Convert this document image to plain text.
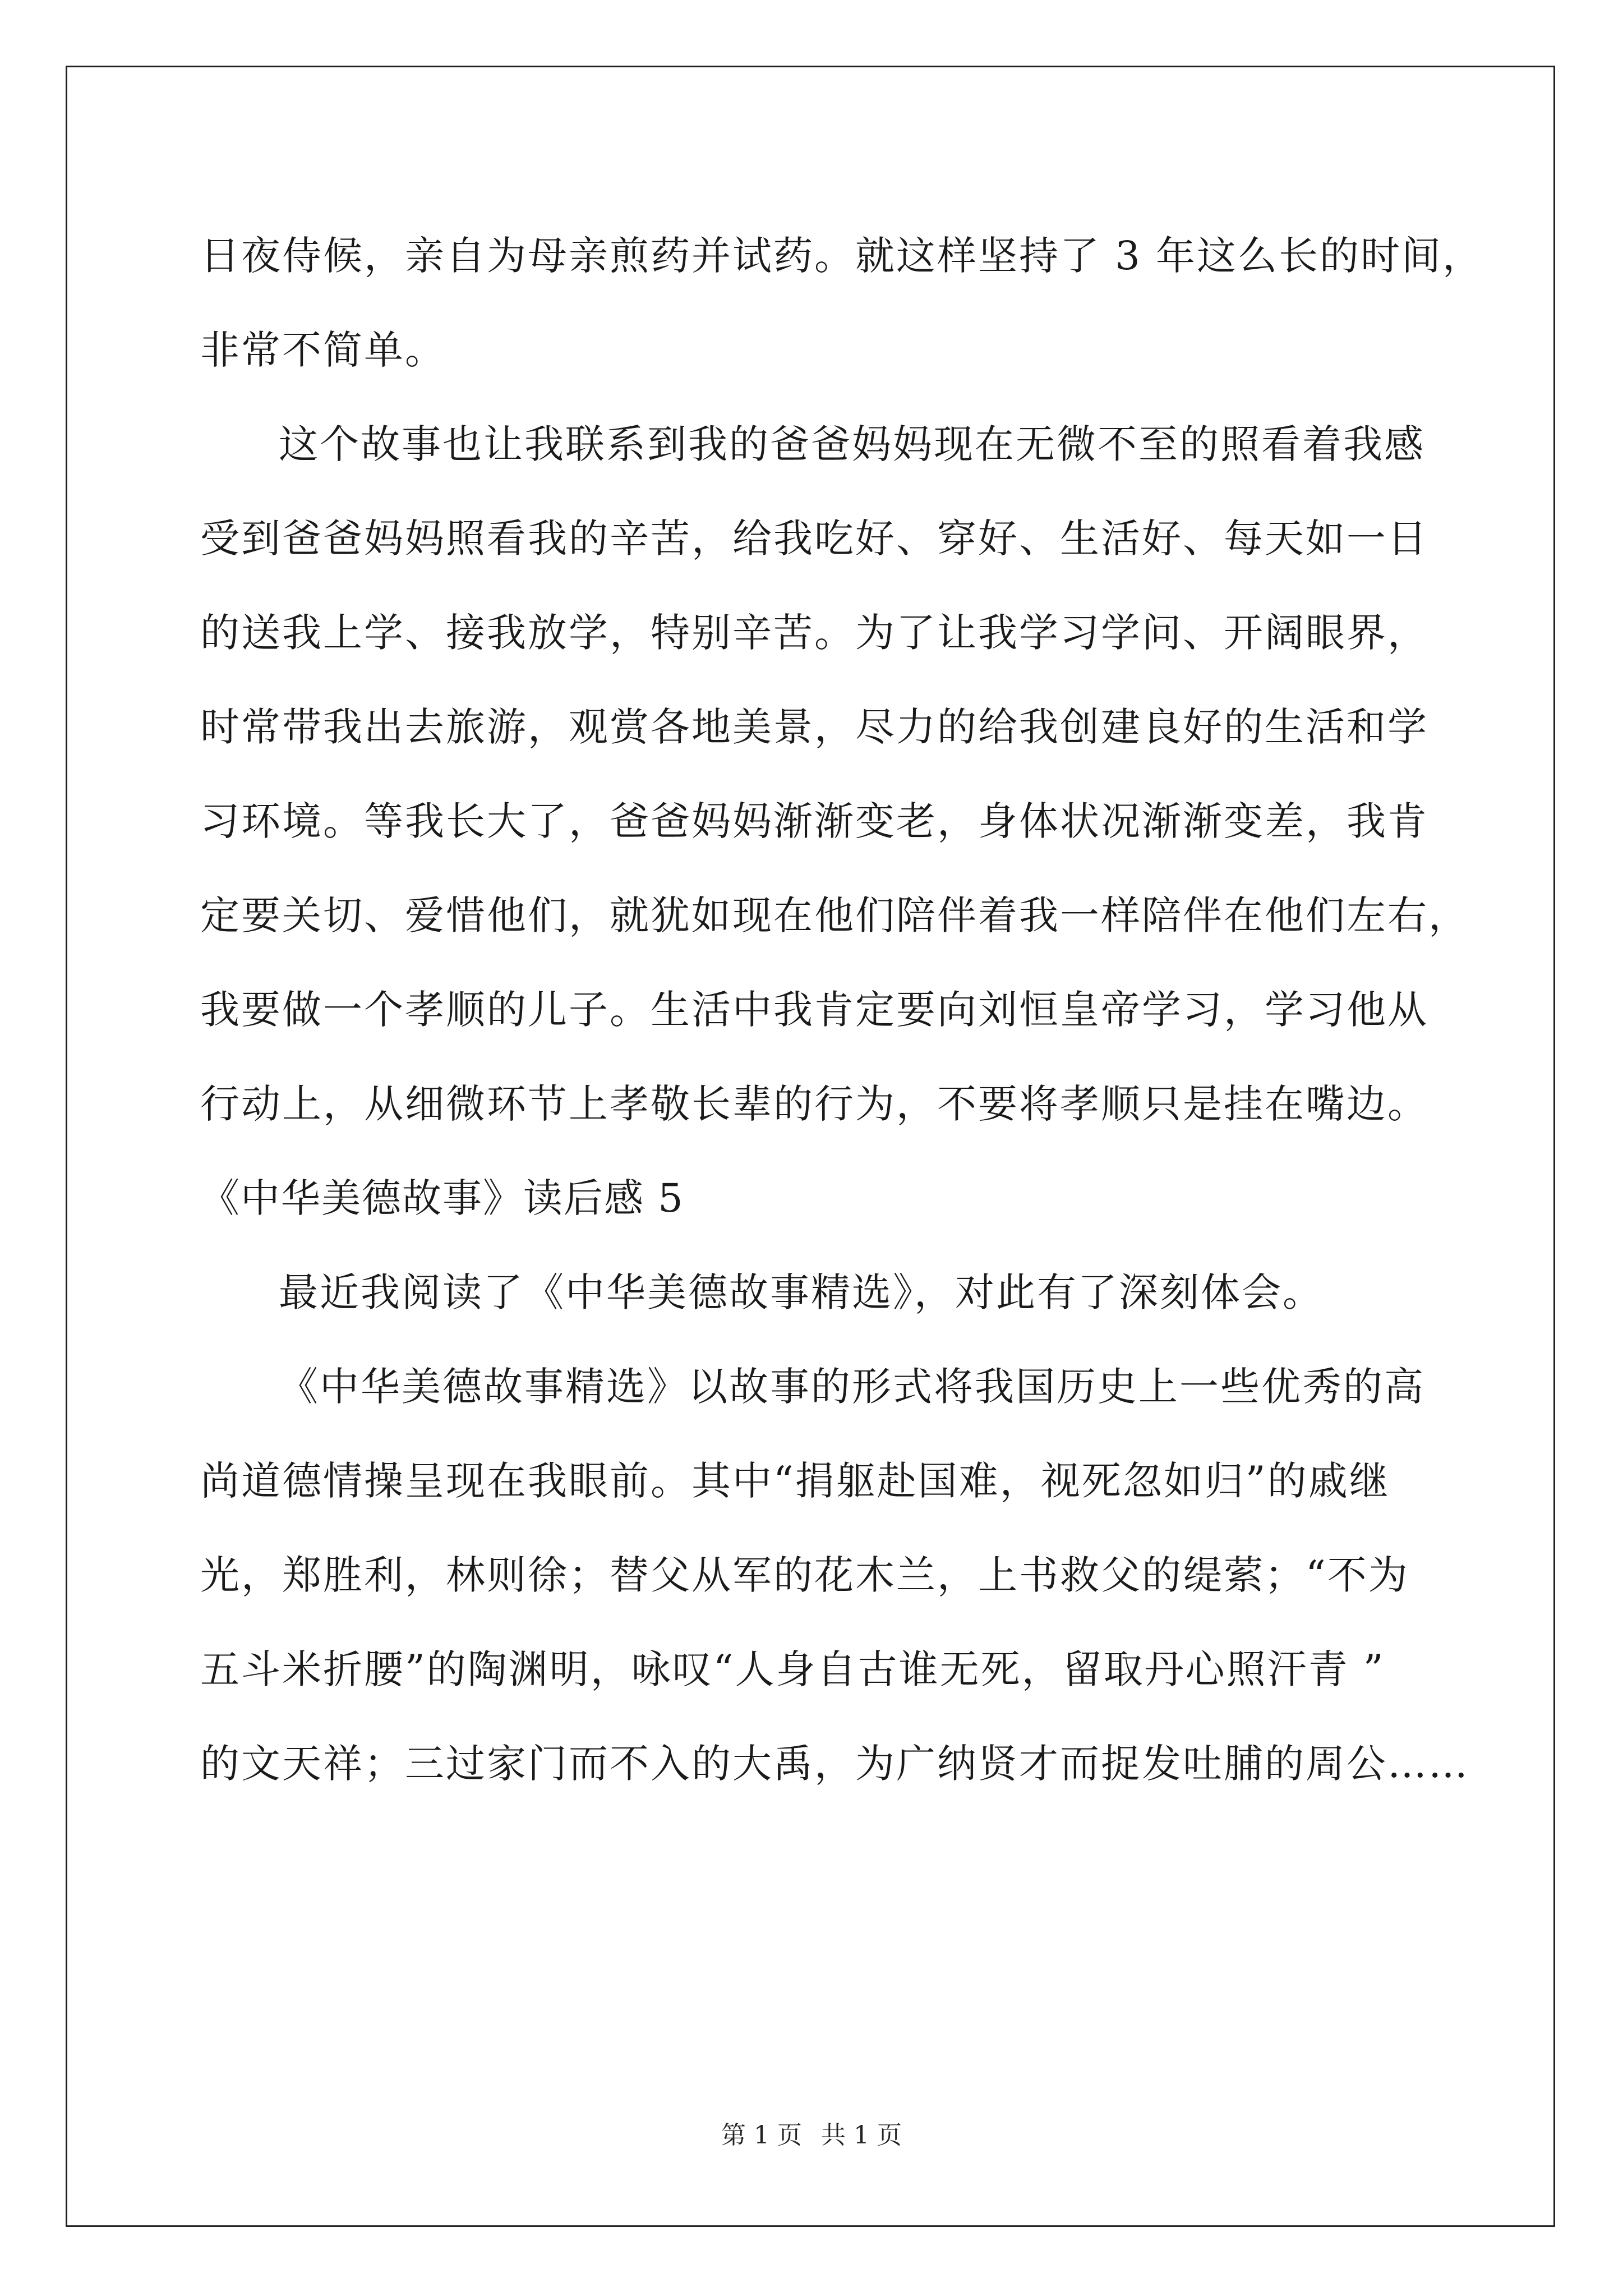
日夜侍候，亲自为母亲煎药并试药。就这样坚持了 3 年这么长的时间，
非常不简单。
这个故事也让我联系到我的爸爸妈妈现在无微不至的照看着我感
受到爸爸妈妈照看我的辛苦，给我吃好、穿好、生活好、每天如一日
的送我上学、接我放学，特别辛苦。为了让我学习学问、开阔眼界，
时常带我出去旅游，观赏各地美景，尽力的给我创建良好的生活和学
习环境。等我长大了，爸爸妈妈渐渐变老，身体状况渐渐变差，我肯
定要关切、爱惜他们，就犹如现在他们陪伴着我一样陪伴在他们左右，
我要做一个孝顺的儿子。生活中我肯定要向刘恒皇帝学习，学习他从
行动上，从细微环节上孝敬长辈的行为，不要将孝顺只是挂在嘴边。
《中华美德故事》读后感 5
最近我阅读了《中华美德故事精选》，对此有了深刻体会。
《中华美德故事精选》以故事的形式将我国历史上一些优秀的高
尚道德情操呈现在我眼前。其中“捐躯赴国难，视死忽如归”的戚继
光，郑胜利，林则徐；替父从军的花木兰，上书救父的缇萦；“不为
五斗米折腰”的陶渊明，咏叹“人身自古谁无死，留取丹心照汗青 ”
的文天祥；三过家门而不入的大禹，为广纳贤才而捉发吐脯的周公……
第 1 页 共 1 页
